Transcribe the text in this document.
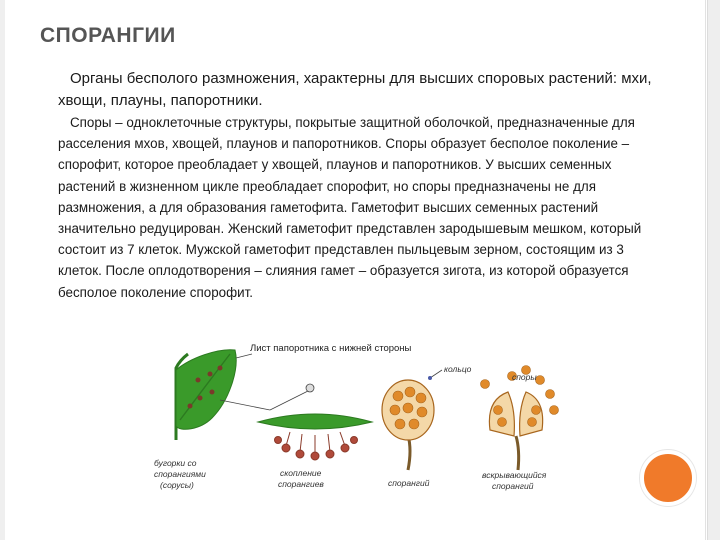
СПОРАНГИИ
Органы бесполого размножения, характерны для высших споровых растений: мхи, хвощи, плауны, папоротники.
Споры – одноклеточные структуры, покрытые защитной оболочкой, предназначенные для расселения мхов, хвощей, плаунов и папоротников. Споры образует бесполое поколение – спорофит, которое преобладает у хвощей, плаунов и папоротников. У высших семенных растений в жизненном цикле преобладает спорофит, но споры предназначены не для размножения, а для образования гаметофита. Гаметофит высших семенных растений значительно редуцирован. Женский гаметофит представлен зародышевым мешком, который состоит из 7 клеток. Мужской гаметофит представлен пыльцевым зерном, состоящим из 3 клеток. После оплодотворения – слияния гамет – образуется зигота, из которой образуется бесполое поколение спорофит.
Лист папоротника с нижней стороны
бугорки со
спорангиями
(сорусы)
скопление
спорангиев
кольцо
споры
спорангий
вскрывающийся
спорангий
